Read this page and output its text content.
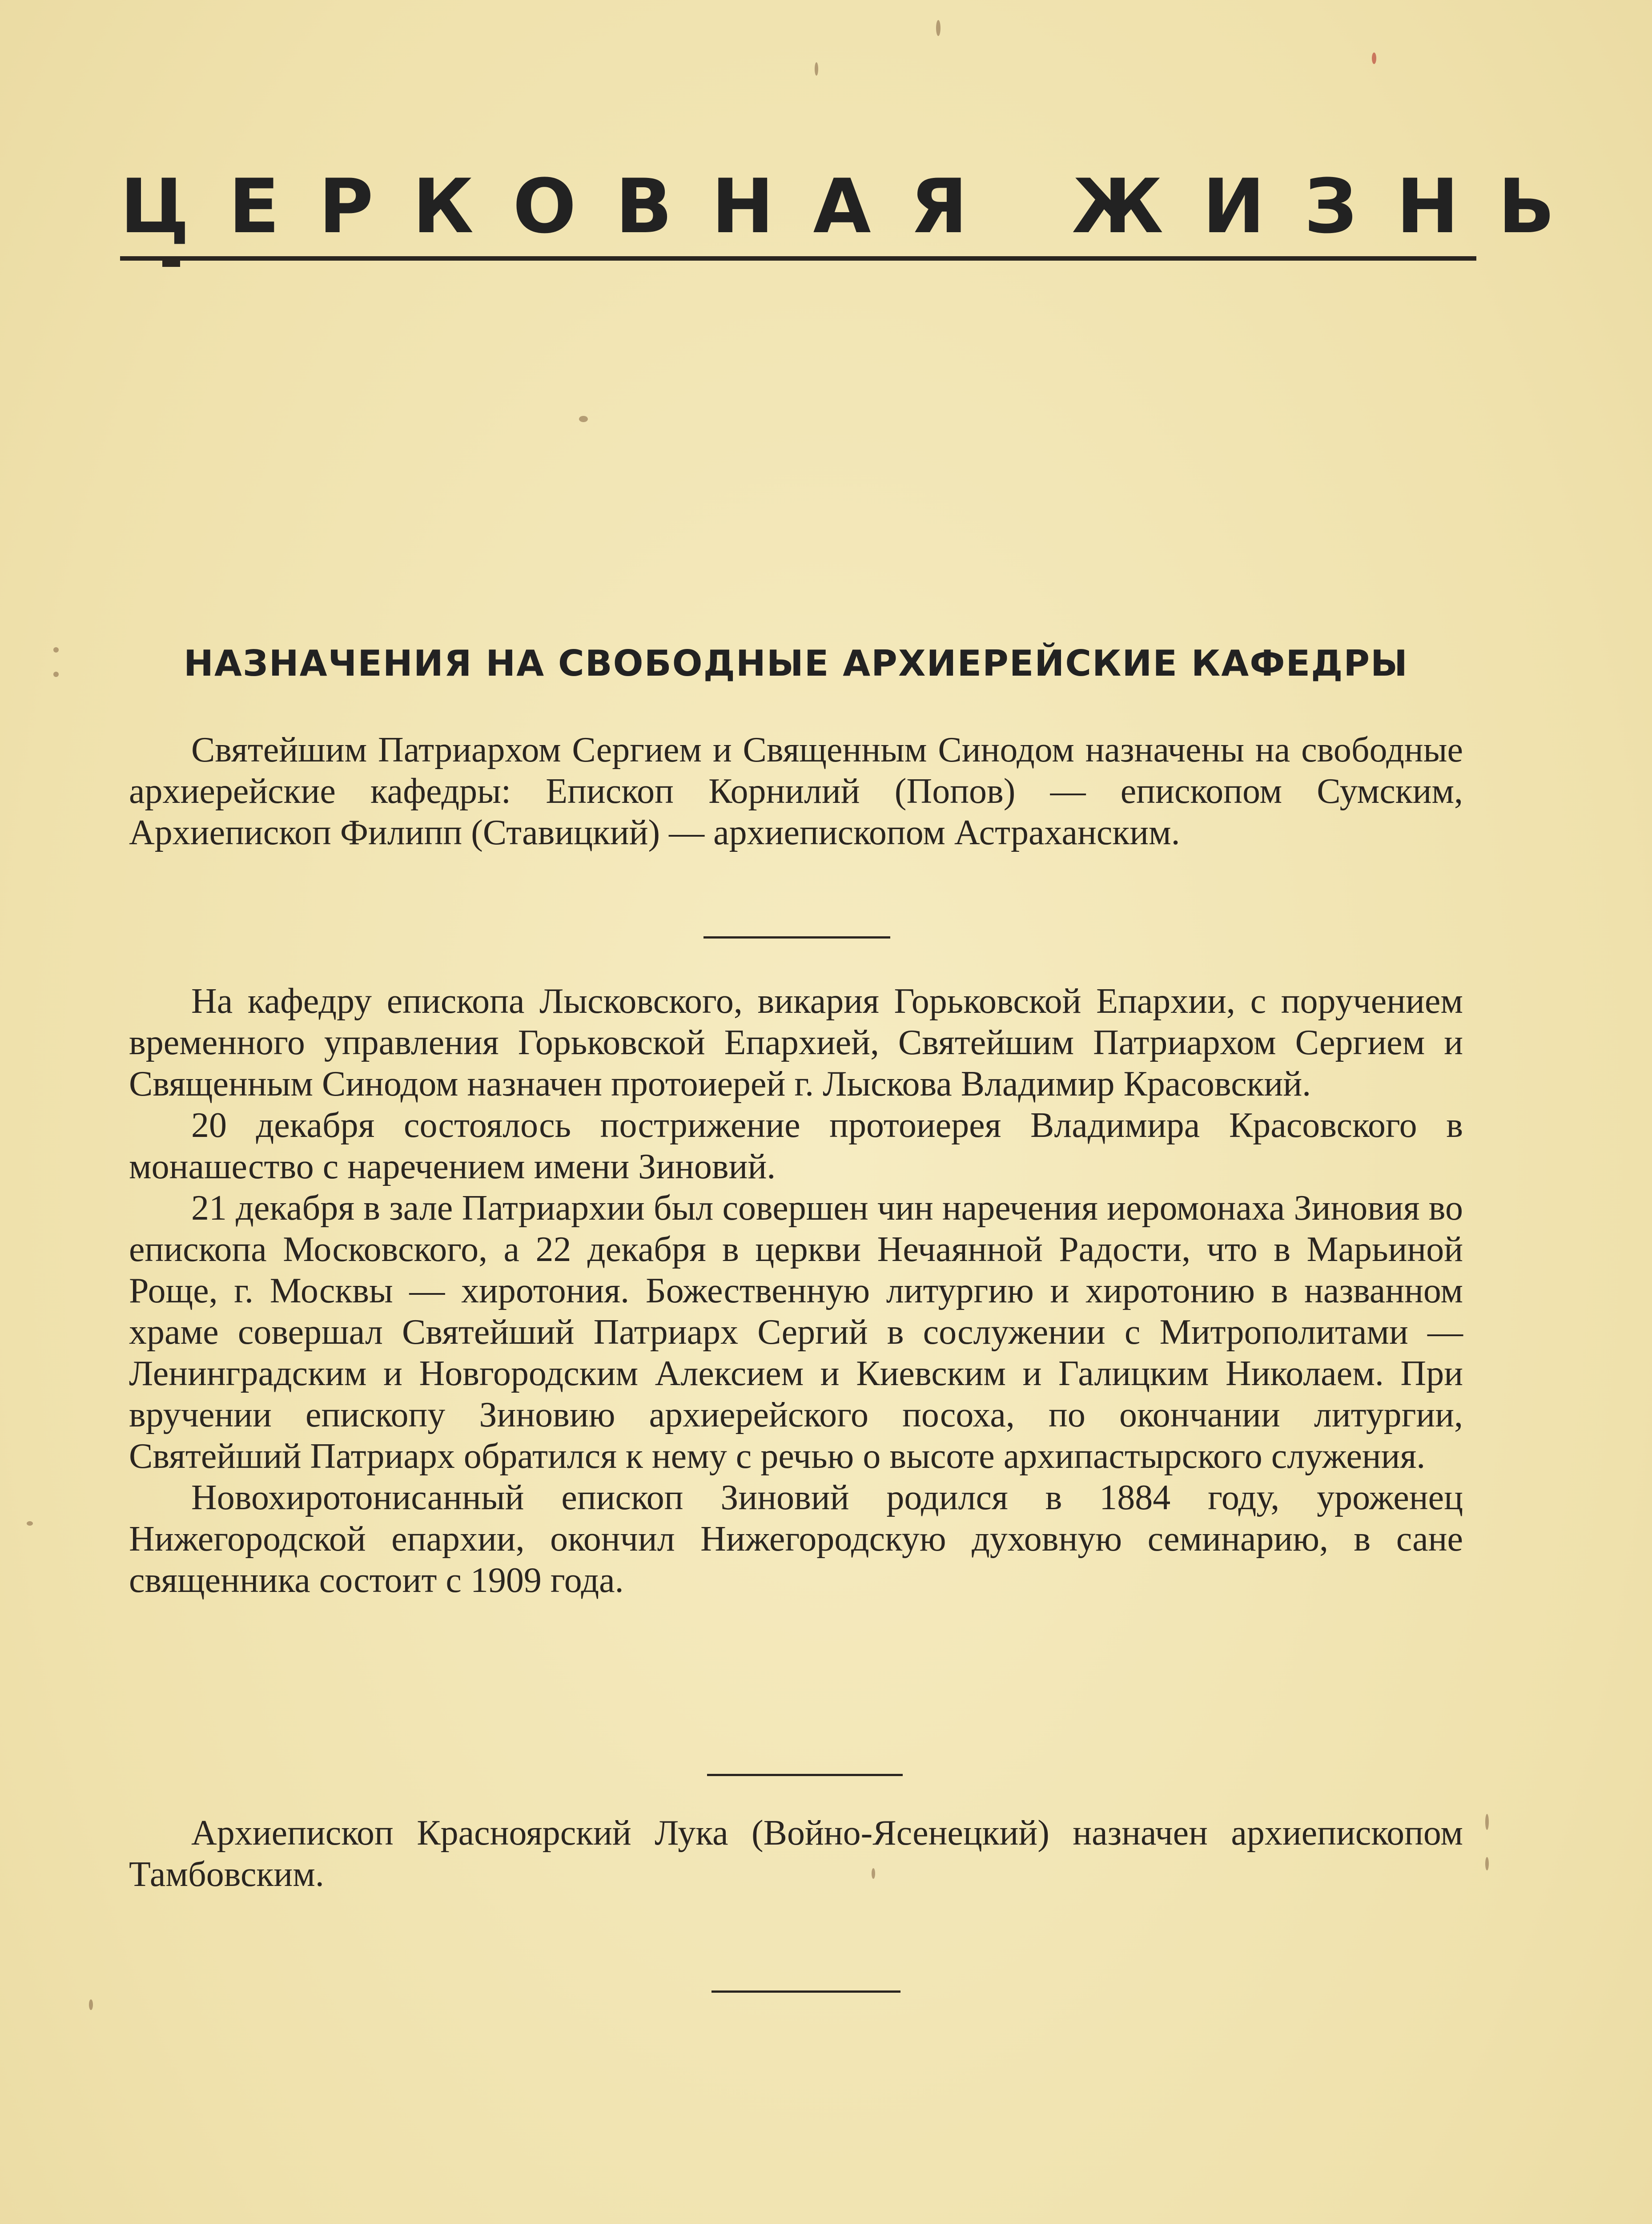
ЦЕРКОВНАЯ ЖИЗНЬ
НАЗНАЧЕНИЯ НА СВОБОДНЫЕ АРХИЕРЕЙСКИЕ КАФЕДРЫ

Святейшим Патриархом Сергием и Священным Синодом назначены на свободные архиерейские кафедры: Епископ Корнилий (Попов) — епископом Сумским, Архиепископ Филипп (Ставицкий) — архиепископом Астраханским.

На кафедру епископа Лысковского, викария Горьковской Епархии, с поручением временного управления Горьковской Епархией, Святейшим Патриархом Сергием и Священным Синодом назначен протоиерей г. Лыскова Владимир Красовский.

20 декабря состоялось пострижение протоиерея Владимира Красовского в монашество с наречением имени Зиновий.

21 декабря в зале Патриархии был совершен чин наречения иеромонаха Зиновия во епископа Московского, а 22 декабря в церкви Нечаянной Радости, что в Марьиной Роще, г. Москвы — хиротония. Божественную литургию и хиротонию в названном храме совершал Святейший Патриарх Сергий в сослужении с Митрополитами — Ленинградским и Новгородским Алексием и Киевским и Галицким Николаем. При вручении епископу Зиновию архиерейского посоха, по окончании литургии, Святейший Патриарх обратился к нему с речью о высоте архипастырского служения.

Новохиротонисанный епископ Зиновий родился в 1884 году, уроженец Нижегородской епархии, окончил Нижегородскую духовную семинарию, в сане священника состоит с 1909 года.

Архиепископ Красноярский Лука (Войно-Ясенецкий) назначен архиепископом Тамбовским.
